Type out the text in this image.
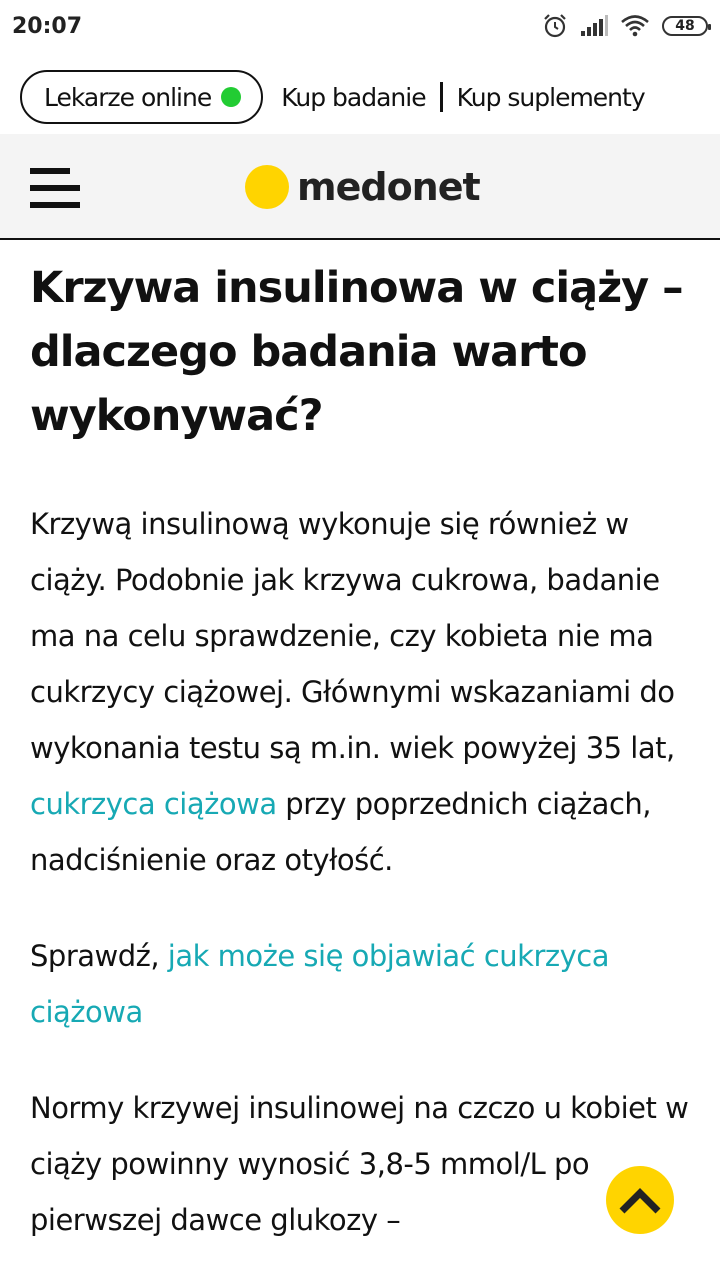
20:07	48
Lekarze online	Kup badanie Kup suplementy
medonet
Krzywa insulinowa w ciąży – dlaczego badania warto wykonywać?

Krzywą insulinową wykonuje się również w ciąży. Podobnie jak krzywa cukrowa, badanie ma na celu sprawdzenie, czy kobieta nie ma cukrzycy ciążowej. Głównymi wskazaniami do wykonania testu są m.in. wiek powyżej 35 lat, cukrzyca ciążowa przy poprzednich ciążach, nadciśnienie oraz otyłość.

Sprawdź, jak może się objawiać cukrzyca ciążowa

Normy krzywej insulinowej na czczo u kobiet w ciąży powinny wynosić 3,8-5 mmol/L po pierwszej dawce glukozy –
